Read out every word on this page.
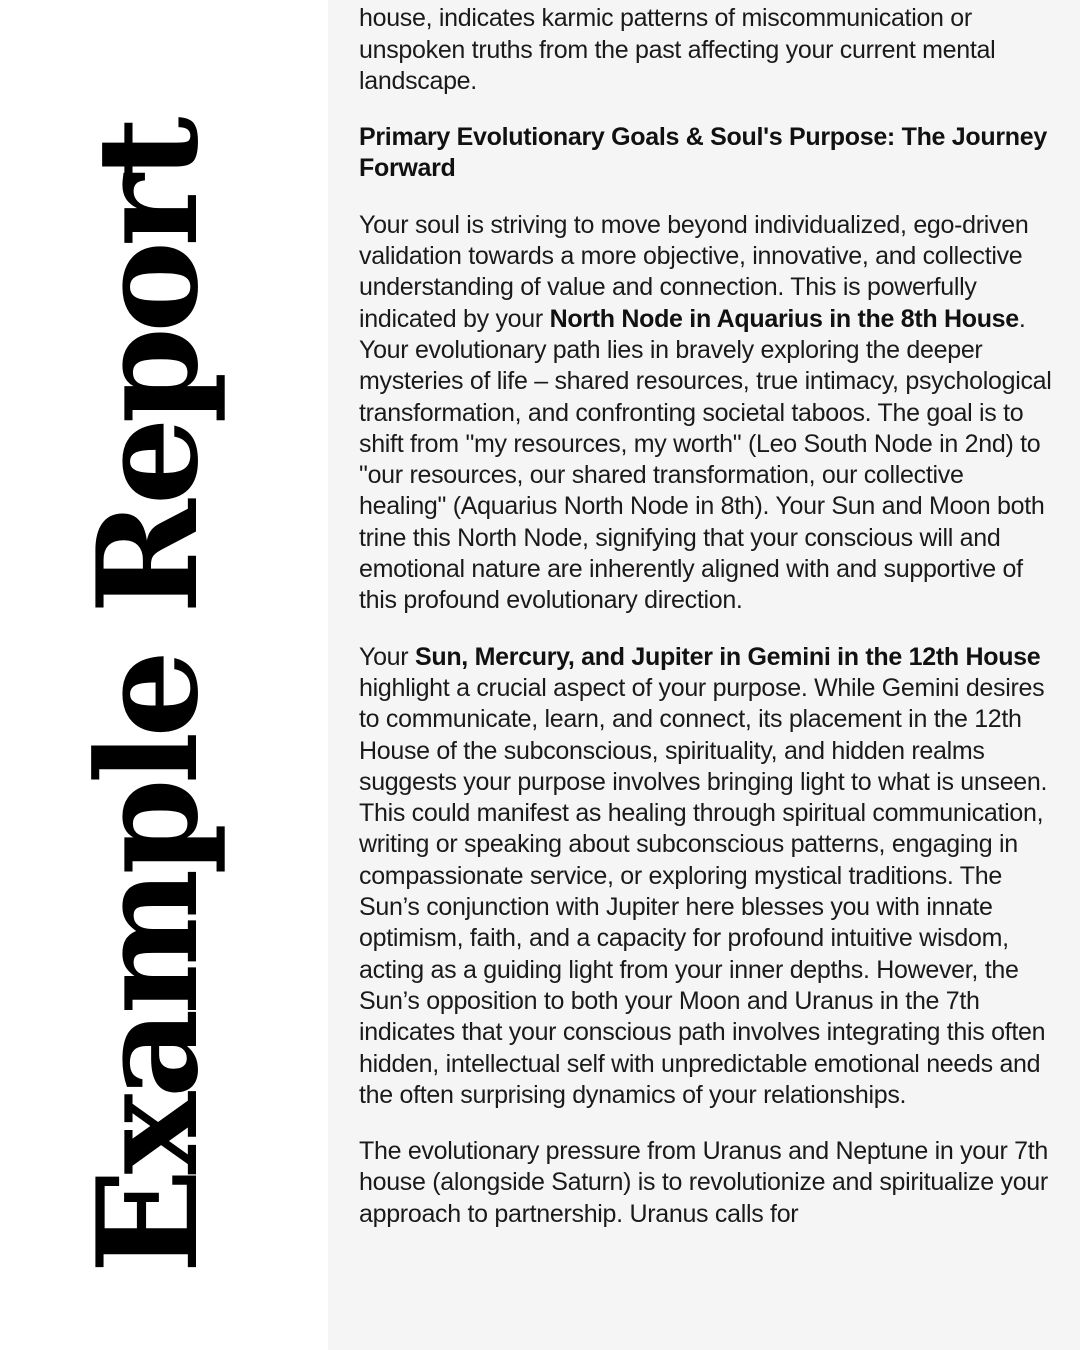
Example Report

house, indicates karmic patterns of miscommunication or unspoken truths from the past affecting your current mental landscape.

Primary Evolutionary Goals & Soul's Purpose: The Journey Forward

Your soul is striving to move beyond individualized, ego-driven validation towards a more objective, innovative, and collective understanding of value and connection. This is powerfully indicated by your North Node in Aquarius in the 8th House. Your evolutionary path lies in bravely exploring the deeper mysteries of life – shared resources, true intimacy, psychological transformation, and confronting societal taboos. The goal is to shift from "my resources, my worth" (Leo South Node in 2nd) to "our resources, our shared transformation, our collective healing" (Aquarius North Node in 8th). Your Sun and Moon both trine this North Node, signifying that your conscious will and emotional nature are inherently aligned with and supportive of this profound evolutionary direction.

Your Sun, Mercury, and Jupiter in Gemini in the 12th House highlight a crucial aspect of your purpose. While Gemini desires to communicate, learn, and connect, its placement in the 12th House of the subconscious, spirituality, and hidden realms suggests your purpose involves bringing light to what is unseen. This could manifest as healing through spiritual communication, writing or speaking about subconscious patterns, engaging in compassionate service, or exploring mystical traditions. The Sun’s conjunction with Jupiter here blesses you with innate optimism, faith, and a capacity for profound intuitive wisdom, acting as a guiding light from your inner depths. However, the Sun’s opposition to both your Moon and Uranus in the 7th indicates that your conscious path involves integrating this often hidden, intellectual self with unpredictable emotional needs and the often surprising dynamics of your relationships.

The evolutionary pressure from Uranus and Neptune in your 7th house (alongside Saturn) is to revolutionize and spiritualize your approach to partnership. Uranus calls for
